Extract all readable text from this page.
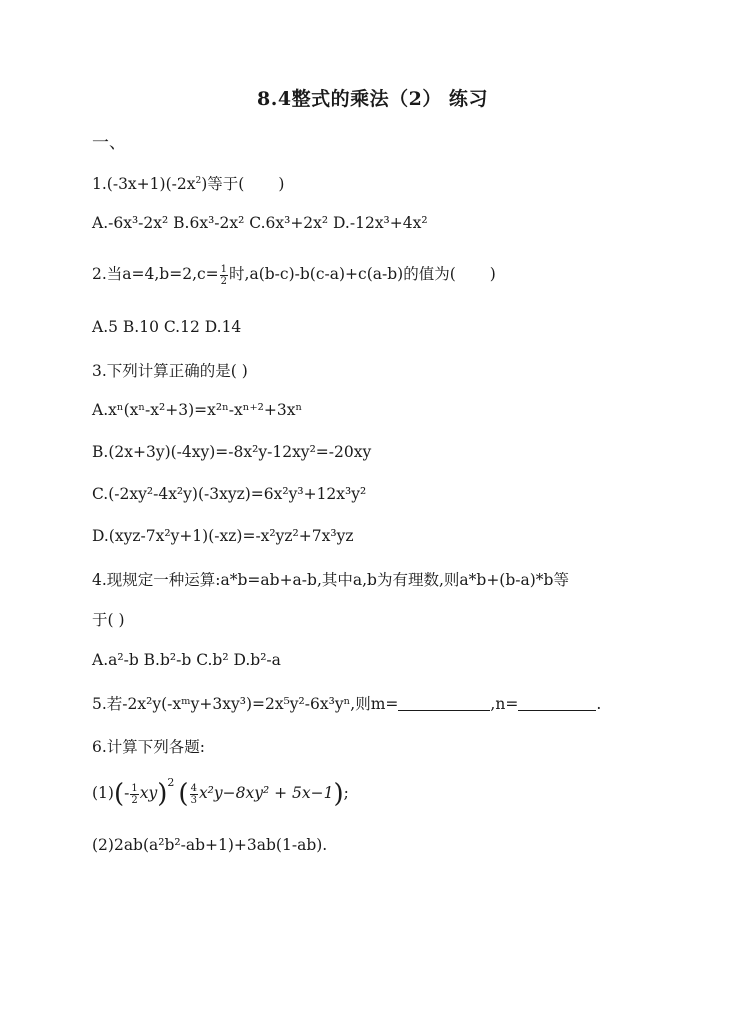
8.4整式的乘法（2） 练习
一、
$1.(-3x+1)(-2x^2)$等于( )
A.-6x³-2x² B.6x³-2x² C.6x³+2x² D.-12x³+4x²
2.当$a=4,b=2,c= \frac{1}{2}$ 时,a(b-c)-b(c-a)+c(a-b)的值为( )
A.5 B.10 C.12 D.14
3.下列计算正确的是( )
A.xⁿ(xⁿ-x²+3)=x²ⁿ-xⁿ⁺²+3xⁿ
B.(2x+3y)(-4xy)=-8x²y-12xy²=-20xy
C.(-2xy²-4x²y)(-3xyz)=6x²y³+12x³y²
D.(xyz-7x²y+1)(-xz)=-x²yz²+7x³yz
4.现规定一种运算:a*b=ab+a-b,其中a,b为有理数,则a*b+(b-a)*b等
于( )
A.a²-b B.b²-b C.b² D.b²-a
5.若-2x²y(-xᵐy+3xy³)=2x⁵y²-6x³yⁿ,则m=	,n=	.
6.计算下列各题:
$(1)(- \frac{1}{2} xy)^2$ ( $\frac{4}{3} x^2y-8xy^2 + 5x-1$);
(2)2ab(a²b²-ab+1)+3ab(1-ab).
